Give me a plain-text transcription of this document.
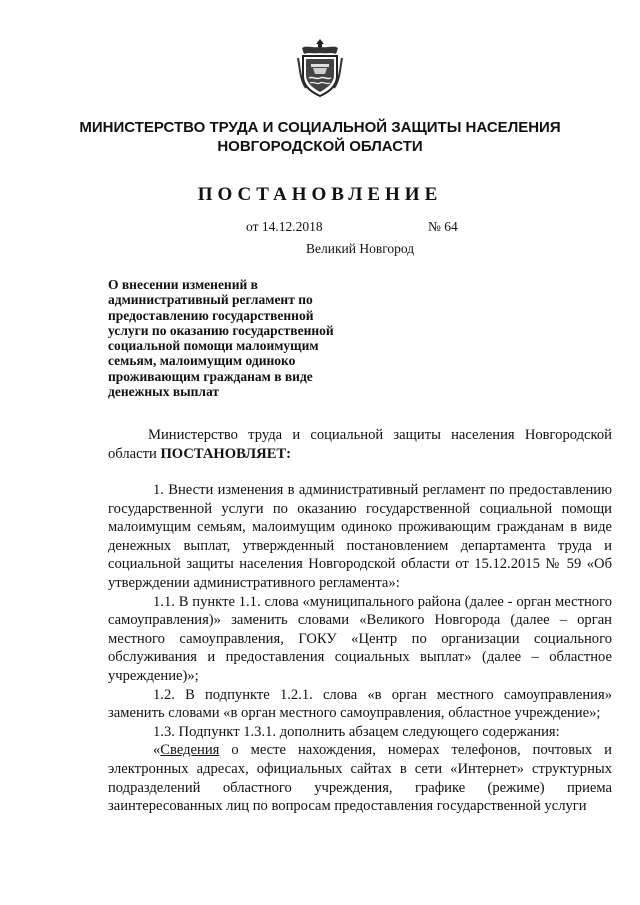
МИНИСТЕРСТВО ТРУДА И СОЦИАЛЬНОЙ ЗАЩИТЫ НАСЕЛЕНИЯ
НОВГОРОДСКОЙ ОБЛАСТИ
ПОСТАНОВЛЕНИЕ
от 14.12.2018	№ 64
Великий Новгород
О внесении изменений в административный регламент по предоставлению государственной услуги по оказанию государственной социальной помощи малоимущим семьям, малоимущим одиноко проживающим гражданам в виде денежных выплат

Министерство труда и социальной защиты населения Новгородской области ПОСТАНОВЛЯЕТ:

1. Внести изменения в административный регламент по предоставлению государственной услуги по оказанию государственной социальной помощи малоимущим семьям, малоимущим одиноко проживающим гражданам в виде денежных выплат, утвержденный постановлением департамента труда и социальной защиты населения Новгородской области от 15.12.2015 № 59 «Об утверждении административного регламента»:

1.1. В пункте 1.1. слова «муниципального района (далее - орган местного самоуправления)» заменить словами «Великого Новгорода (далее – орган местного самоуправления, ГОКУ «Центр по организации социального обслуживания и предоставления социальных выплат» (далее – областное учреждение)»;

1.2. В подпункте 1.2.1. слова «в орган местного самоуправления» заменить словами «в орган местного самоуправления, областное учреждение»;

1.3. Подпункт 1.3.1. дополнить абзацем следующего содержания:

«Сведения о месте нахождения, номерах телефонов, почтовых и электронных адресах, официальных сайтах в сети «Интернет» структурных подразделений областного учреждения, графике (режиме) приема заинтересованных лиц по вопросам предоставления государственной услуги
